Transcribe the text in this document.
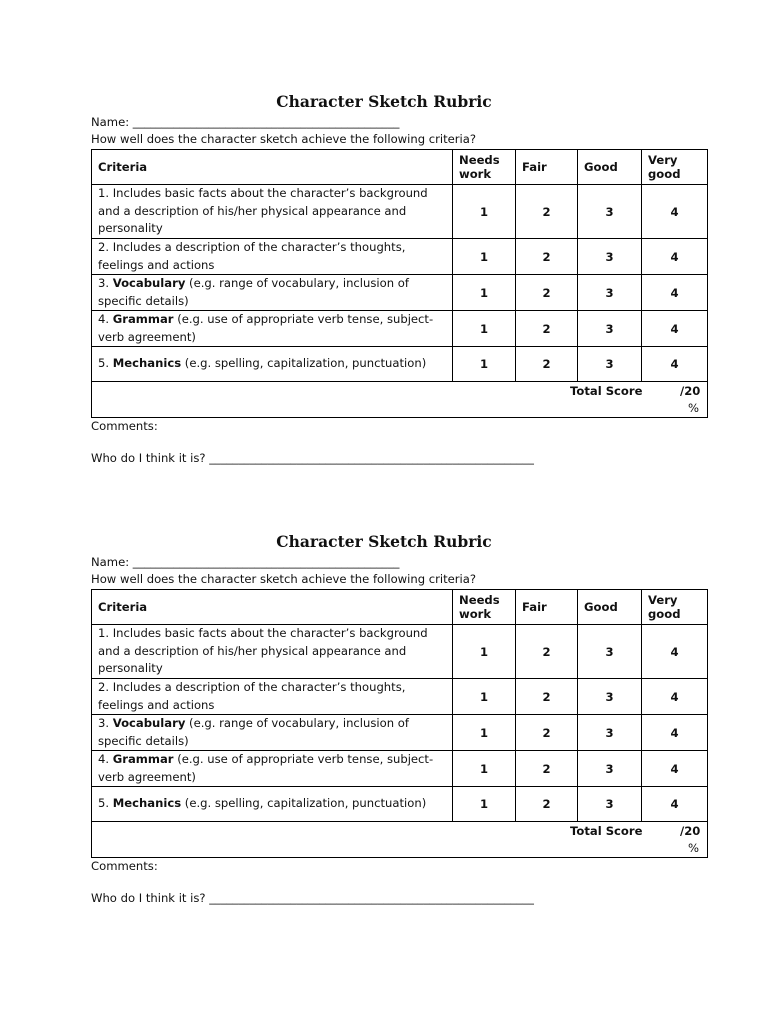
Character Sketch Rubric
Name: ______________________________________________
How well does the character sketch achieve the following criteria?
Criteria	Needs work	Fair	Good	Very good
1. Includes basic facts about the character’s background and a description of his/her physical appearance and personality	1	2	3	4
2. Includes a description of the character’s thoughts, feelings and actions	1	2	3	4
3. Vocabulary (e.g. range of vocabulary, inclusion of specific details)	1	2	3	4
4. Grammar (e.g. use of appropriate verb tense, subject-verb agreement)	1	2	3	4
5. Mechanics (e.g. spelling, capitalization, punctuation)	1	2	3	4

Total Score /20
%				
Comments:
Who do I think it is? ________________________________________________________
Character Sketch Rubric
Name: ______________________________________________
How well does the character sketch achieve the following criteria?
Criteria	Needs work	Fair	Good	Very good
1. Includes basic facts about the character’s background and a description of his/her physical appearance and personality	1	2	3	4
2. Includes a description of the character’s thoughts, feelings and actions	1	2	3	4
3. Vocabulary (e.g. range of vocabulary, inclusion of specific details)	1	2	3	4
4. Grammar (e.g. use of appropriate verb tense, subject-verb agreement)	1	2	3	4
5. Mechanics (e.g. spelling, capitalization, punctuation)	1	2	3	4

Total Score /20
%				
Comments:
Who do I think it is? ________________________________________________________
